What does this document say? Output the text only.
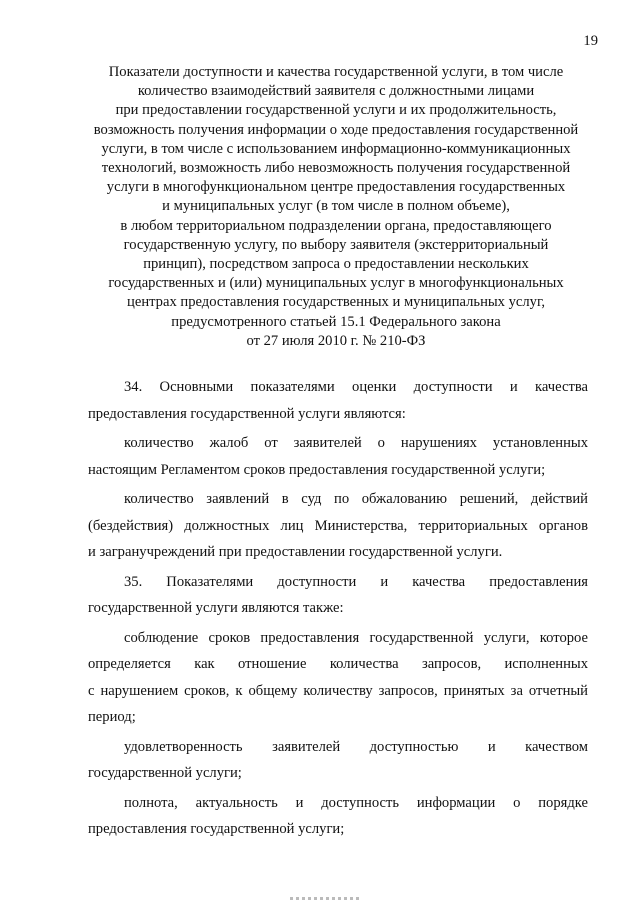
19
Показатели доступности и качества государственной услуги, в том числе
количество взаимодействий заявителя с должностными лицами
при предоставлении государственной услуги и их продолжительность,
возможность получения информации о ходе предоставления государственной
услуги, в том числе с использованием информационно-коммуникационных
технологий, возможность либо невозможность получения государственной
услуги в многофункциональном центре предоставления государственных
и муниципальных услуг (в том числе в полном объеме),
в любом территориальном подразделении органа, предоставляющего
государственную услугу, по выбору заявителя (экстерриториальный
принцип), посредством запроса о предоставлении нескольких
государственных и (или) муниципальных услуг в многофункциональных
центрах предоставления государственных и муниципальных услуг,
предусмотренного статьей 15.1 Федерального закона
от 27 июля 2010 г. № 210-ФЗ
34. Основными показателями оценки доступности и качества
предоставления государственной услуги являются:
количество жалоб от заявителей о нарушениях установленных
настоящим Регламентом сроков предоставления государственной услуги;
количество заявлений в суд по обжалованию решений, действий
(бездействия) должностных лиц Министерства, территориальных органов
и загранучреждений при предоставлении государственной услуги.
35. Показателями доступности и качества предоставления
государственной услуги являются также:
соблюдение сроков предоставления государственной услуги, которое
определяется как отношение количества запросов, исполненных
с нарушением сроков, к общему количеству запросов, принятых за отчетный
период;
удовлетворенность заявителей доступностью и качеством
государственной услуги;
полнота, актуальность и доступность информации о порядке
предоставления государственной услуги;
